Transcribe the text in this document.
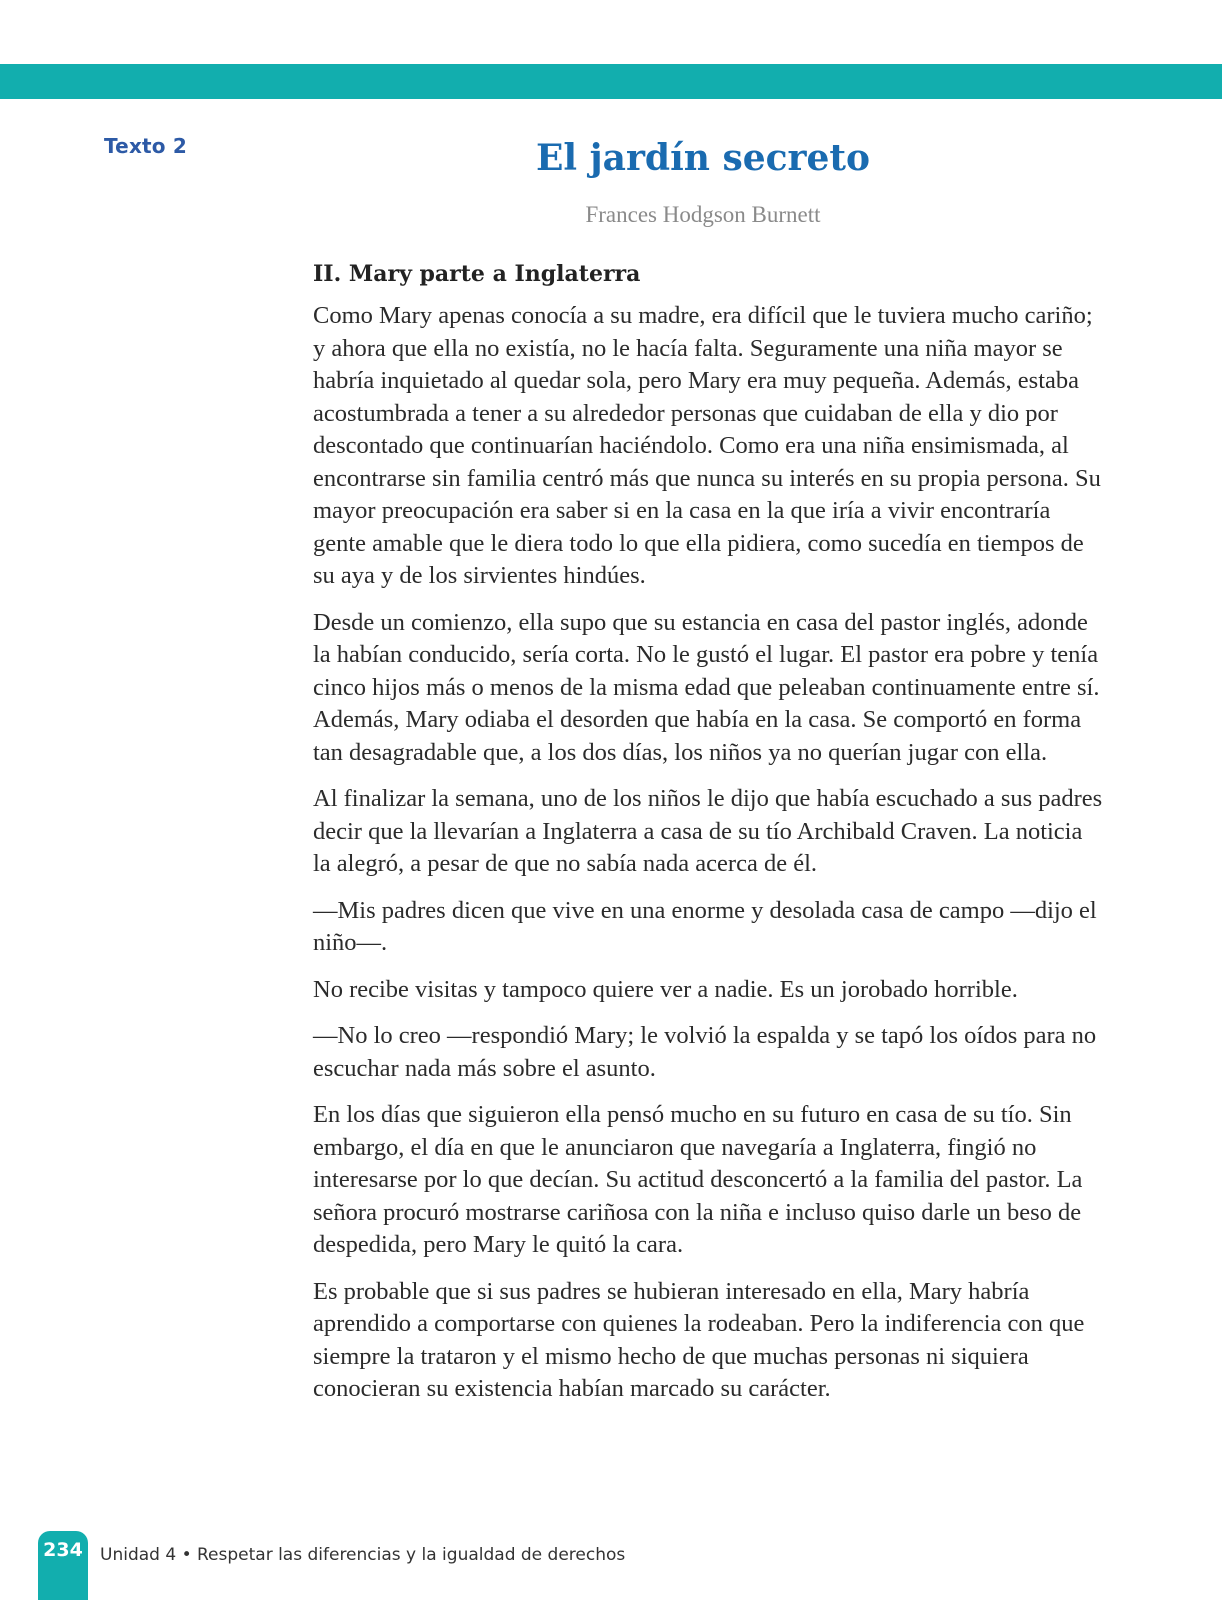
Texto 2	El jardín secreto
Frances Hodgson Burnett
II. Mary parte a Inglaterra

Como Mary apenas conocía a su madre, era difícil que le tuviera mucho cariño; y ahora que ella no existía, no le hacía falta. Seguramente una niña mayor se habría inquietado al quedar sola, pero Mary era muy pequeña. Además, estaba acostumbrada a tener a su alrededor personas que cuidaban de ella y dio por descontado que continuarían haciéndolo. Como era una niña ensimismada, al encontrarse sin familia centró más que nunca su interés en su propia persona. Su mayor preocupación era saber si en la casa en la que iría a vivir encontraría gente amable que le diera todo lo que ella pidiera, como sucedía en tiempos de su aya y de los sirvientes hindúes.

Desde un comienzo, ella supo que su estancia en casa del pastor inglés, adonde la habían conducido, sería corta. No le gustó el lugar. El pastor era pobre y tenía cinco hijos más o menos de la misma edad que peleaban continuamente entre sí. Además, Mary odiaba el desorden que había en la casa. Se comportó en forma tan desagradable que, a los dos días, los niños ya no querían jugar con ella.

Al finalizar la semana, uno de los niños le dijo que había escuchado a sus padres decir que la llevarían a Inglaterra a casa de su tío Archibald Craven. La noticia la alegró, a pesar de que no sabía nada acerca de él.

—Mis padres dicen que vive en una enorme y desolada casa de campo —dijo el niño—.

No recibe visitas y tampoco quiere ver a nadie. Es un jorobado horrible.

—No lo creo —respondió Mary; le volvió la espalda y se tapó los oídos para no escuchar nada más sobre el asunto.

En los días que siguieron ella pensó mucho en su futuro en casa de su tío. Sin embargo, el día en que le anunciaron que navegaría a Inglaterra, fingió no interesarse por lo que decían. Su actitud desconcertó a la familia del pastor. La señora procuró mostrarse cariñosa con la niña e incluso quiso darle un beso de despedida, pero Mary le quitó la cara.

Es probable que si sus padres se hubieran interesado en ella, Mary habría aprendido a comportarse con quienes la rodeaban. Pero la indiferencia con que siempre la trataron y el mismo hecho de que muchas personas ni siquiera conocieran su existencia habían marcado su carácter.

234	Unidad 4 • Respetar las diferencias y la igualdad de derechos
